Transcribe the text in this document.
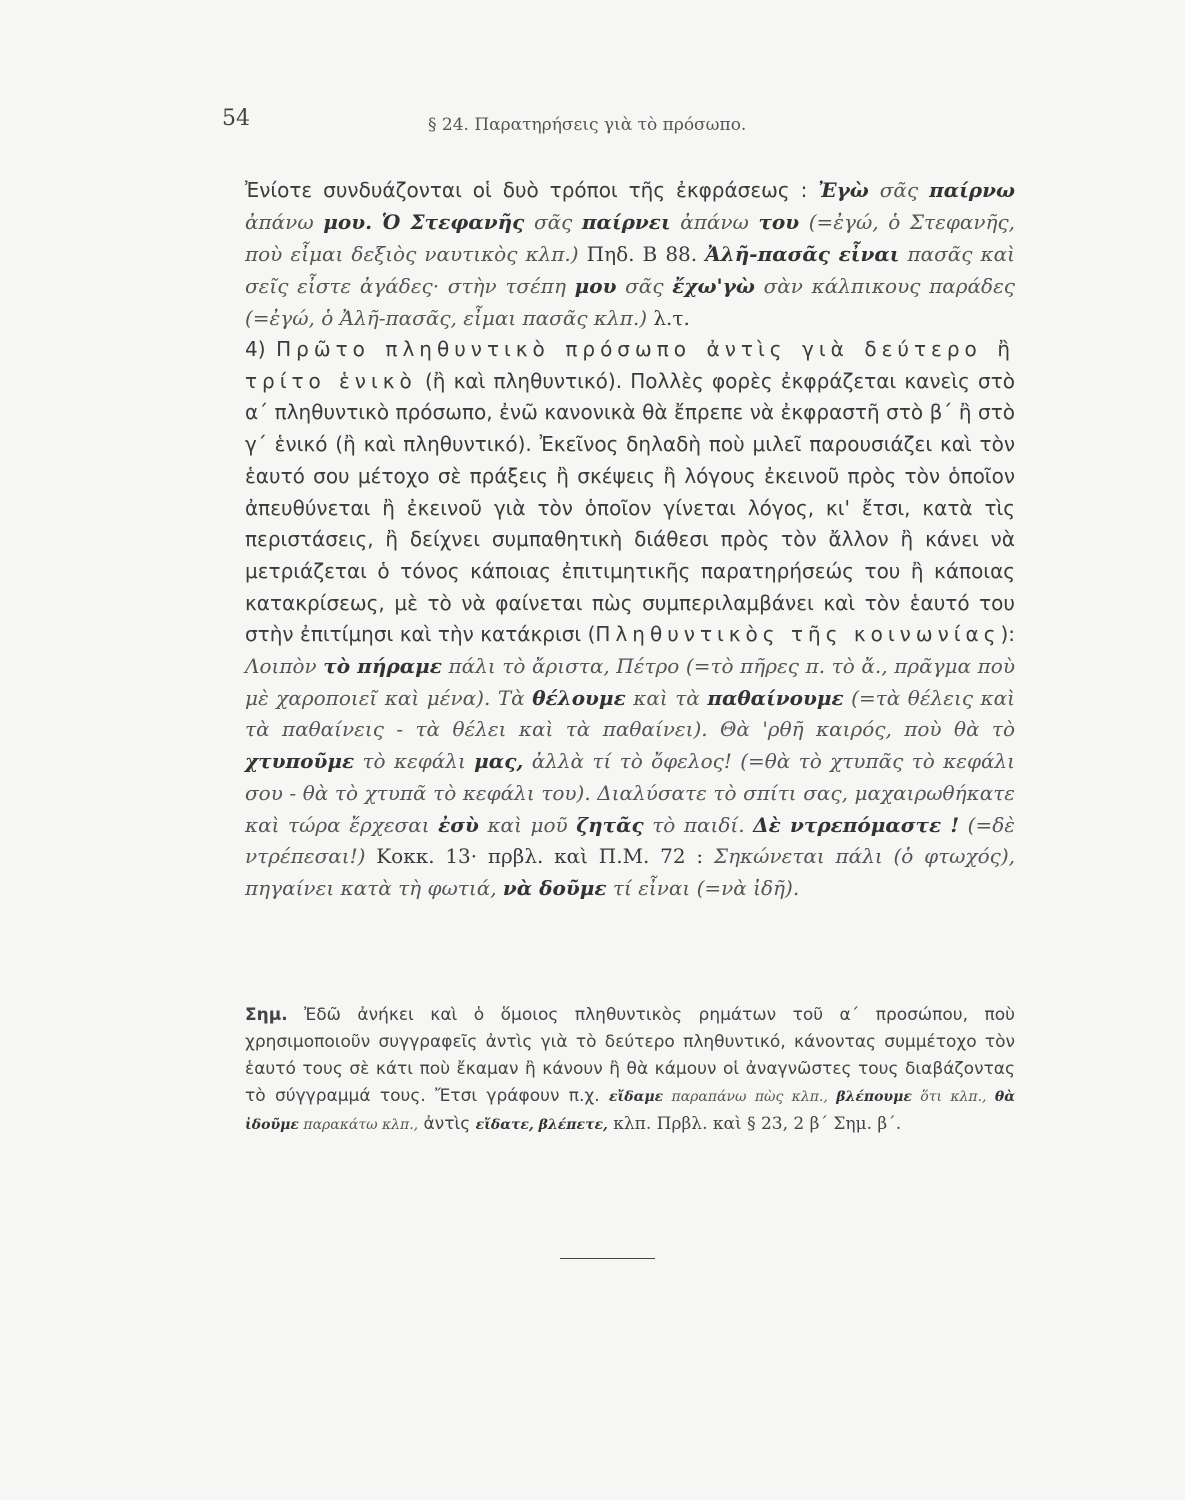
54	§ 24. Παρατηρήσεις γιὰ τὸ πρόσωπο.
Ἐνίοτε συνδυάζονται οἱ δυὸ τρόποι τῆς ἐκφράσεως : Ἐγὼ σᾶς παίρνω ἀπάνω μου. Ὁ Στεφανῆς σᾶς παίρνει ἀπάνω του (=ἐγώ, ὁ Στεφανῆς, ποὺ εἶμαι δεξιὸς ναυτικὸς κλπ.) Πηδ. Β 88. Ἀλῆ-πασᾶς εἶναι πασᾶς καὶ σεῖς εἶστε ἀγάδες· στὴν τσέπη μου σᾶς ἔχω'γὼ σὰν κάλπικους παράδες (=ἐγώ, ὁ Ἀλῆ-πασᾶς, εἶμαι πασᾶς κλπ.) λ.τ.
4) Πρῶτο πληθυντικὸ πρόσωπο ἀντὶς γιὰ δεύτερο ἢ τρίτο ἑνικὸ (ἢ καὶ πληθυντικό). Πολλὲς φορὲς ἐκφράζεται κανεὶς στὸ α΄ πληθυντικὸ πρόσωπο, ἐνῶ κανονικὰ θὰ ἔπρεπε νὰ ἐκφραστῆ στὸ β΄ ἢ στὸ γ΄ ἑνικό (ἢ καὶ πληθυντικό). Ἐκεῖνος δηλαδὴ ποὺ μιλεῖ παρουσιάζει καὶ τὸν ἑαυτό σου μέτοχο σὲ πράξεις ἢ σκέψεις ἢ λόγους ἐκεινοῦ πρὸς τὸν ὁποῖον ἀπευθύνεται ἢ ἐκεινοῦ γιὰ τὸν ὁποῖον γίνεται λόγος, κι' ἔτσι, κατὰ τὶς περιστάσεις, ἢ δείχνει συμπαθητικὴ διάθεσι πρὸς τὸν ἄλλον ἢ κάνει νὰ μετριάζεται ὁ τόνος κάποιας ἐπιτιμητικῆς παρατηρήσεώς του ἢ κάποιας κατακρίσεως, μὲ τὸ νὰ φαίνεται πὼς συμπεριλαμβάνει καὶ τὸν ἑαυτό του στὴν ἐπιτίμησι καὶ τὴν κατάκρισι (Πληθυντικὸς τῆς κοινωνίας): Λοιπὸν τὸ πήραμε πάλι τὸ ἄριστα, Πέτρο (=τὸ πῆρες π. τὸ ἄ., πρᾶγμα ποὺ μὲ χαροποιεῖ καὶ μένα). Τὰ θέλουμε καὶ τὰ παθαίνουμε (=τὰ θέλεις καὶ τὰ παθαίνεις - τὰ θέλει καὶ τὰ παθαίνει). Θὰ 'ρθῆ καιρός, ποὺ θὰ τὸ χτυποῦμε τὸ κεφάλι μας, ἀλλὰ τί τὸ ὄφελος! (=θὰ τὸ χτυπᾶς τὸ κεφάλι σου - θὰ τὸ χτυπᾶ τὸ κεφάλι του). Διαλύσατε τὸ σπίτι σας, μαχαιρωθήκατε καὶ τώρα ἔρχεσαι ἐσὺ καὶ μοῦ ζητᾶς τὸ παιδί. Δὲ ντρεπόμαστε ! (=δὲ ντρέπεσαι!) Κοκκ. 13· πρβλ. καὶ Π.Μ. 72 : Σηκώνεται πάλι (ὁ φτωχός), πηγαίνει κατὰ τὴ φωτιά, νὰ δοῦμε τί εἶναι (=νὰ ἰδῆ).
Σημ. Ἐδῶ ἀνήκει καὶ ὁ ὅμοιος πληθυντικὸς ρημάτων τοῦ α΄ προσώπου, ποὺ χρησιμοποιοῦν συγγραφεῖς ἀντὶς γιὰ τὸ δεύτερο πληθυντικό, κάνοντας συμμέτοχο τὸν ἑαυτό τους σὲ κάτι ποὺ ἔκαμαν ἢ κάνουν ἢ θὰ κάμουν οἱ ἀναγνῶστες τους διαβάζοντας τὸ σύγγραμμά τους. Ἔτσι γράφουν π.χ. εἴδαμε παραπάνω πὼς κλπ., βλέπουμε ὅτι κλπ., θὰ ἰδοῦμε παρακάτω κλπ., ἀντὶς εἴδατε, βλέπετε, κλπ. Πρβλ. καὶ § 23, 2 β΄ Σημ. β΄.
